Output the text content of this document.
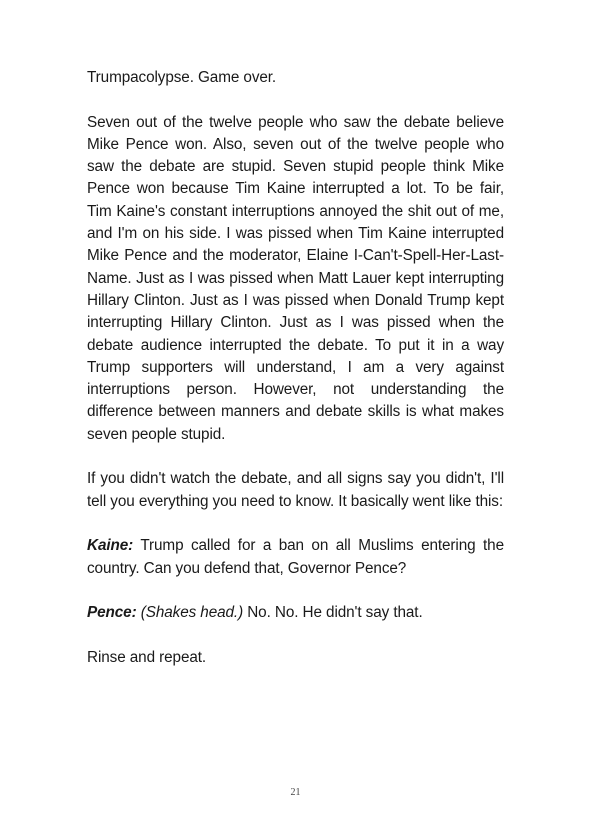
Trumpacolypse. Game over.

Seven out of the twelve people who saw the debate believe Mike Pence won. Also, seven out of the twelve people who saw the debate are stupid. Seven stupid people think Mike Pence won because Tim Kaine interrupted a lot. To be fair, Tim Kaine's constant interruptions annoyed the shit out of me, and I'm on his side. I was pissed when Tim Kaine interrupted Mike Pence and the moderator, Elaine I-Can't-Spell-Her-Last-Name. Just as I was pissed when Matt Lauer kept interrupting Hillary Clinton. Just as I was pissed when Donald Trump kept interrupting Hillary Clinton. Just as I was pissed when the debate audience interrupted the debate. To put it in a way Trump supporters will understand, I am a very against interruptions person. However, not understanding the difference between manners and debate skills is what makes seven people stupid.

If you didn't watch the debate, and all signs say you didn't, I'll tell you everything you need to know. It basically went like this:

Kaine: Trump called for a ban on all Muslims entering the country. Can you defend that, Governor Pence?

Pence: (Shakes head.) No. No. He didn't say that.

Rinse and repeat.

21
